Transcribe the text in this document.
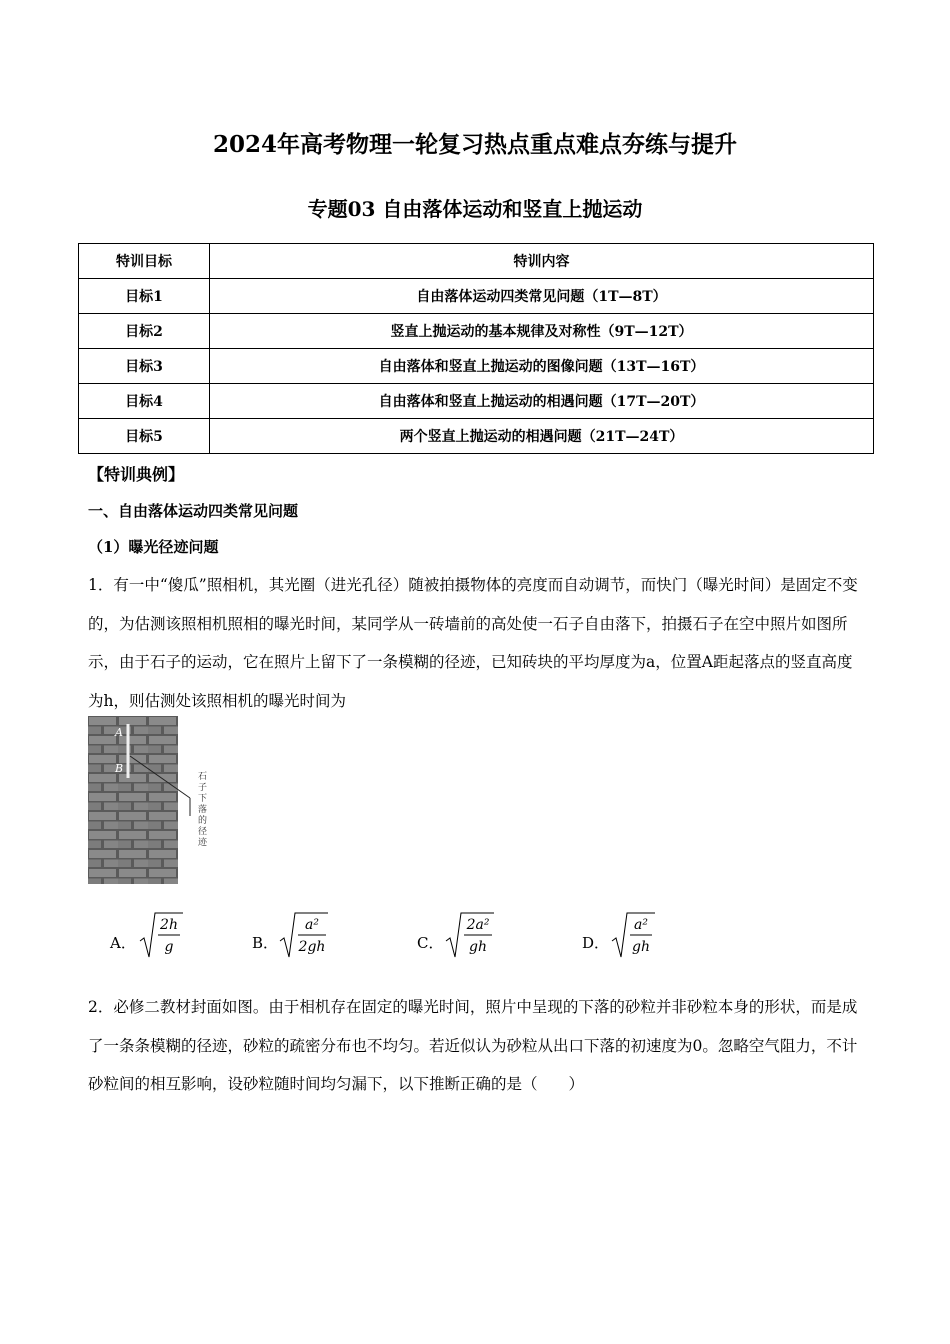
2024年高考物理一轮复习热点重点难点夯练与提升
专题03 自由落体运动和竖直上抛运动
特训目标	特训内容
目标1	自由落体运动四类常见问题（1T—8T）
目标2	竖直上抛运动的基本规律及对称性（9T—12T）
目标3	自由落体和竖直上抛运动的图像问题（13T—16T）
目标4	自由落体和竖直上抛运动的相遇问题（17T—20T）
目标5	两个竖直上抛运动的相遇问题（21T—24T）
【特训典例】
一、自由落体运动四类常见问题
（1）曝光径迹问题
1．有一中“傻瓜”照相机，其光圈（进光孔径）随被拍摄物体的亮度而自动调节，而快门（曝光时间）是固定不变的，为估测该照相机照相的曝光时间，某同学从一砖墙前的高处使一石子自由落下，拍摄石子在空中照片如图所示，由于石子的运动，它在照片上留下了一条模糊的径迹，已知砖块的平均厚度为a，位置A距起落点的竖直高度为h，则估测处该照相机的曝光时间为
A
B
石
子
下
落
的
径
迹
A．
2h
g	B．
a²
2gh	C．
2a²
gh	D．
a²
gh
2．必修二教材封面如图。由于相机存在固定的曝光时间，照片中呈现的下落的砂粒并非砂粒本身的形状，而是成了一条条模糊的径迹，砂粒的疏密分布也不均匀。若近似认为砂粒从出口下落的初速度为0。忽略空气阻力，不计砂粒间的相互影响，设砂粒随时间均匀漏下，以下推断正确的是（　　）
